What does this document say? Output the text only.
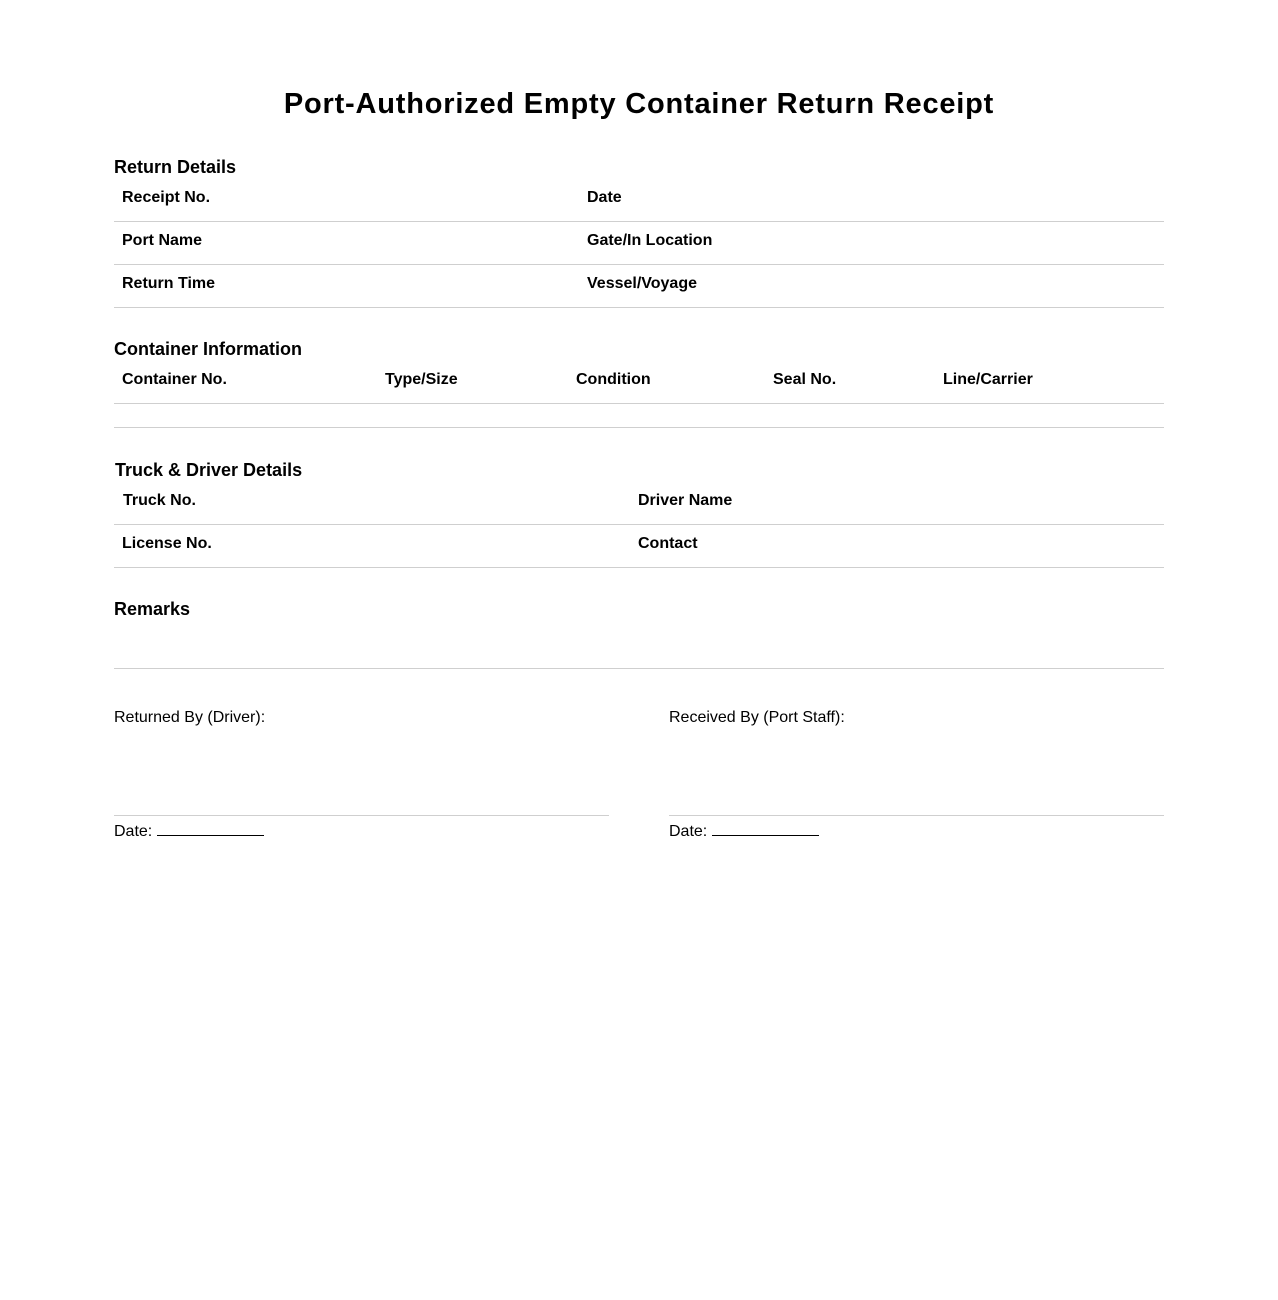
Port-Authorized Empty Container Return Receipt
Return Details
Receipt No.	Date
Port Name	Gate/In Location
Return Time	Vessel/Voyage
Container Information
Container No.	Type/Size	Condition	Seal No.	Line/Carrier
Truck & Driver Details
Truck No.	Driver Name
License No.	Contact
Remarks
Returned By (Driver):	Received By (Port Staff):
Date:	Date:
